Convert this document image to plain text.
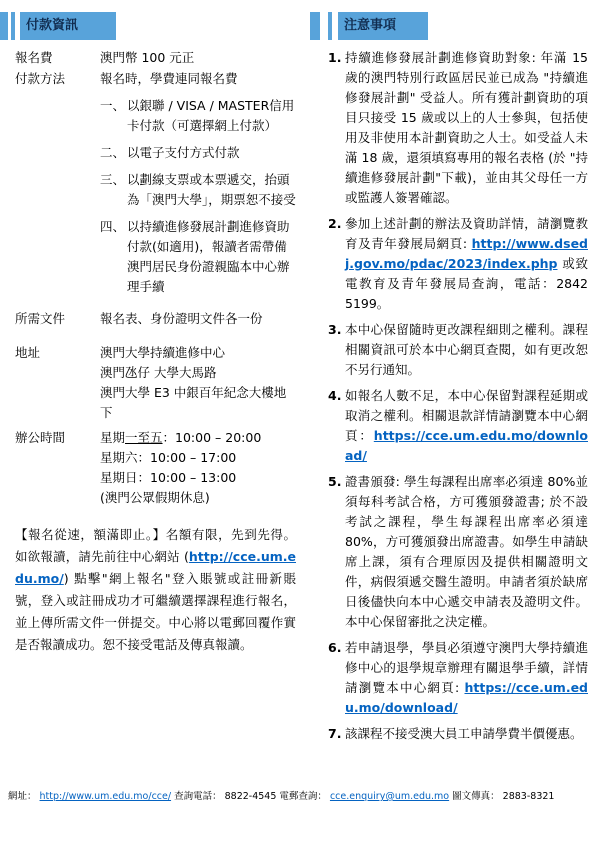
付款資訊
報名費	澳門幣 100 元正
付款方法	報名時，學費連同報名費
一、 以銀聯 / VISA / MASTER信用卡付款（可選擇網上付款）
二、 以電子支付方式付款
三、 以劃線支票或本票遞交，抬頭為「澳門大學」，期票恕不接受
四、 以持續進修發展計劃進修資助付款(如適用)，報讀者需帶備澳門居民身份證親臨本中心辦理手續
所需文件	報名表、身份證明文件各一份
地址	澳門大學持續進修中心
澳門氹仔 大學大馬路
澳門大學 E3 中銀百年紀念大樓地下
辦公時間	星期一至五：10:00 – 20:00
星期六：10:00 – 17:00
星期日：10:00 – 13:00
(澳門公眾假期休息)

【報名從速，額滿即止。】名額有限，先到先得。如欲報讀，請先前往中心網站 (http://cce.um.edu.mo/) 點擊"網上報名"登入賬號或註冊新賬號，登入或註冊成功才可繼續選擇課程進行報名，並上傳所需文件一併提交。中心將以電郵回覆作實是否報讀成功。恕不接受電話及傳真報讀。

注意事項
1. 持續進修發展計劃進修資助對象: 年滿 15 歲的澳門特別行政區居民並已成為 "持續進修發展計劃" 受益人。所有獲計劃資助的項目只接受 15 歲或以上的人士參與，包括使用及非使用本計劃資助之人士。如受益人未滿 18 歲，還須填寫專用的報名表格 (於 "持續進修發展計劃"下載)，並由其父母任一方或監護人簽署確認。
2. 參加上述計劃的辦法及資助詳情，請瀏覽教育及青年發展局網頁: http://www.dsedj.gov.mo/pdac/2023/index.php 或致電教育及青年發展局查詢，電話：2842 5199。
3. 本中心保留隨時更改課程細則之權利。課程相關資訊可於本中心網頁查閱，如有更改恕不另行通知。
4. 如報名人數不足，本中心保留對課程延期或取消之權利。相關退款詳情請瀏覽本中心網頁：https://cce.um.edu.mo/download/
5. 證書頒發: 學生每課程出席率必須達 80%並須每科考試合格，方可獲頒發證書; 於不設考試之課程，學生每課程出席率必須達 80%，方可獲頒發出席證書。如學生申請缺席上課，須有合理原因及提供相關證明文件，病假須遞交醫生證明。申請者須於缺席日後儘快向本中心遞交申請表及證明文件。本中心保留審批之決定權。
6. 若申請退學，學員必須遵守澳門大學持續進修中心的退學規章辦理有關退學手續，詳情請瀏覽本中心網頁: https://cce.um.edu.mo/download/
7. 該課程不接受澳大員工申請學費半價優惠。
網址： http://www.um.edu.mo/cce/ 查詢電話： 8822-4545 電郵查詢： cce.enquiry@um.edu.mo 圖文傳真： 2883-8321
